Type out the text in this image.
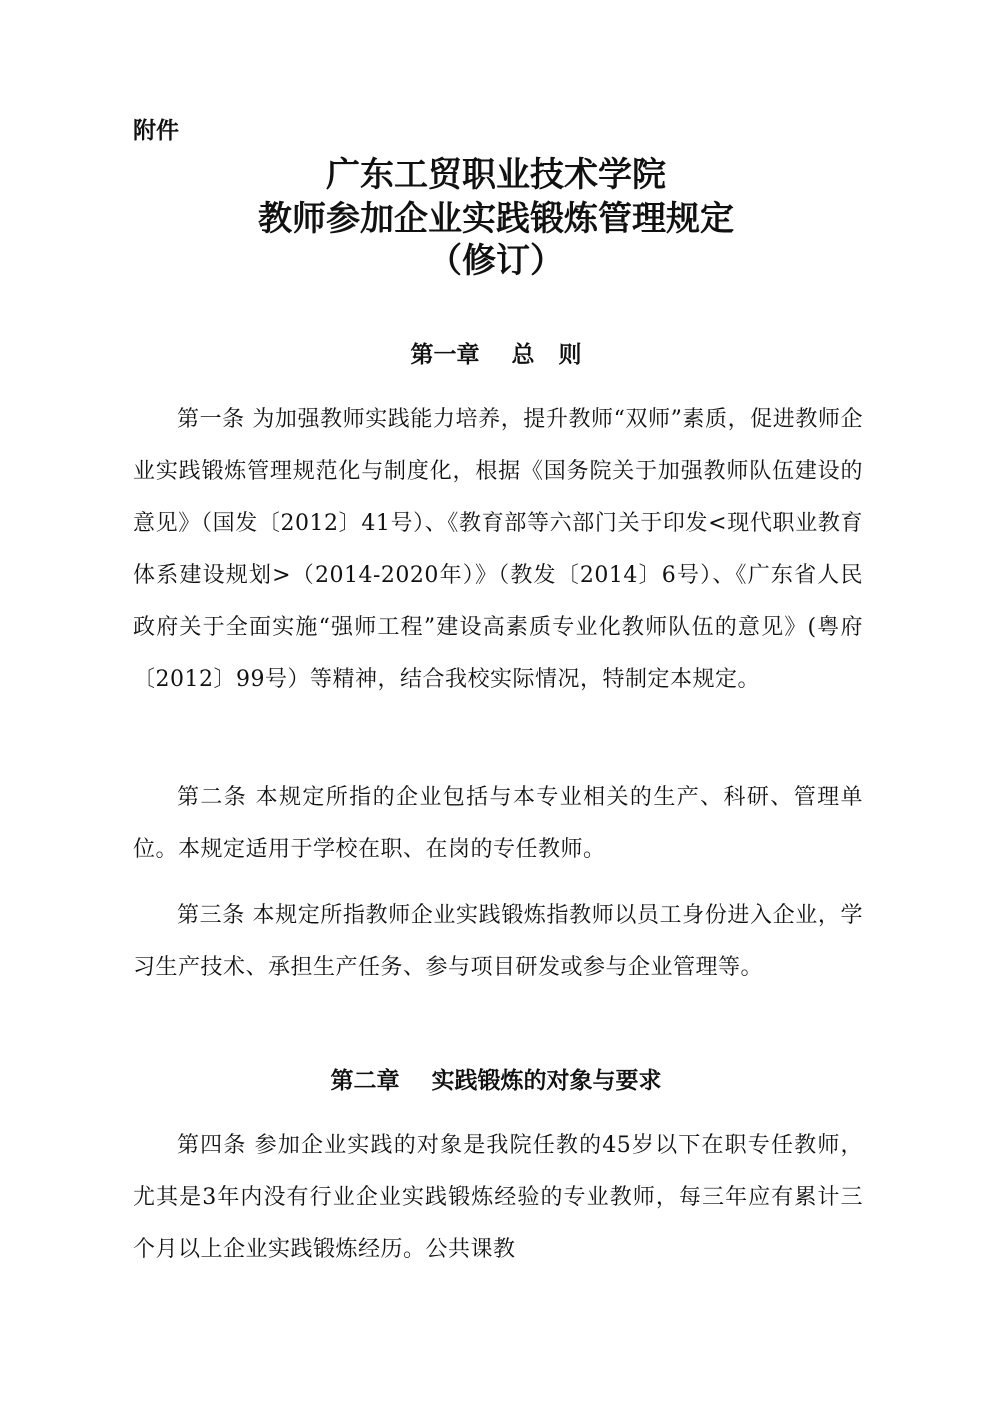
附件
广东工贸职业技术学院
教师参加企业实践锻炼管理规定
（修订）
第一章    总   则

第一条 为加强教师实践能力培养，提升教师“双师”素质，促进教师企业实践锻炼管理规范化与制度化，根据《国务院关于加强教师队伍建设的意见》（国发〔2012〕41号）、《教育部等六部门关于印发<现代职业教育体系建设规划>（2014-2020年）》（教发〔2014〕6号）、《广东省人民政府关于全面实施“强师工程”建设高素质专业化教师队伍的意见》(粤府〔2012〕99号）等精神，结合我校实际情况，特制定本规定。

第二条 本规定所指的企业包括与本专业相关的生产、科研、管理单位。本规定适用于学校在职、在岗的专任教师。

第三条 本规定所指教师企业实践锻炼指教师以员工身份进入企业，学习生产技术、承担生产任务、参与项目研发或参与企业管理等。

第二章    实践锻炼的对象与要求

第四条 参加企业实践的对象是我院任教的45岁以下在职专任教师，尤其是3年内没有行业企业实践锻炼经验的专业教师，每三年应有累计三个月以上企业实践锻炼经历。公共课教
